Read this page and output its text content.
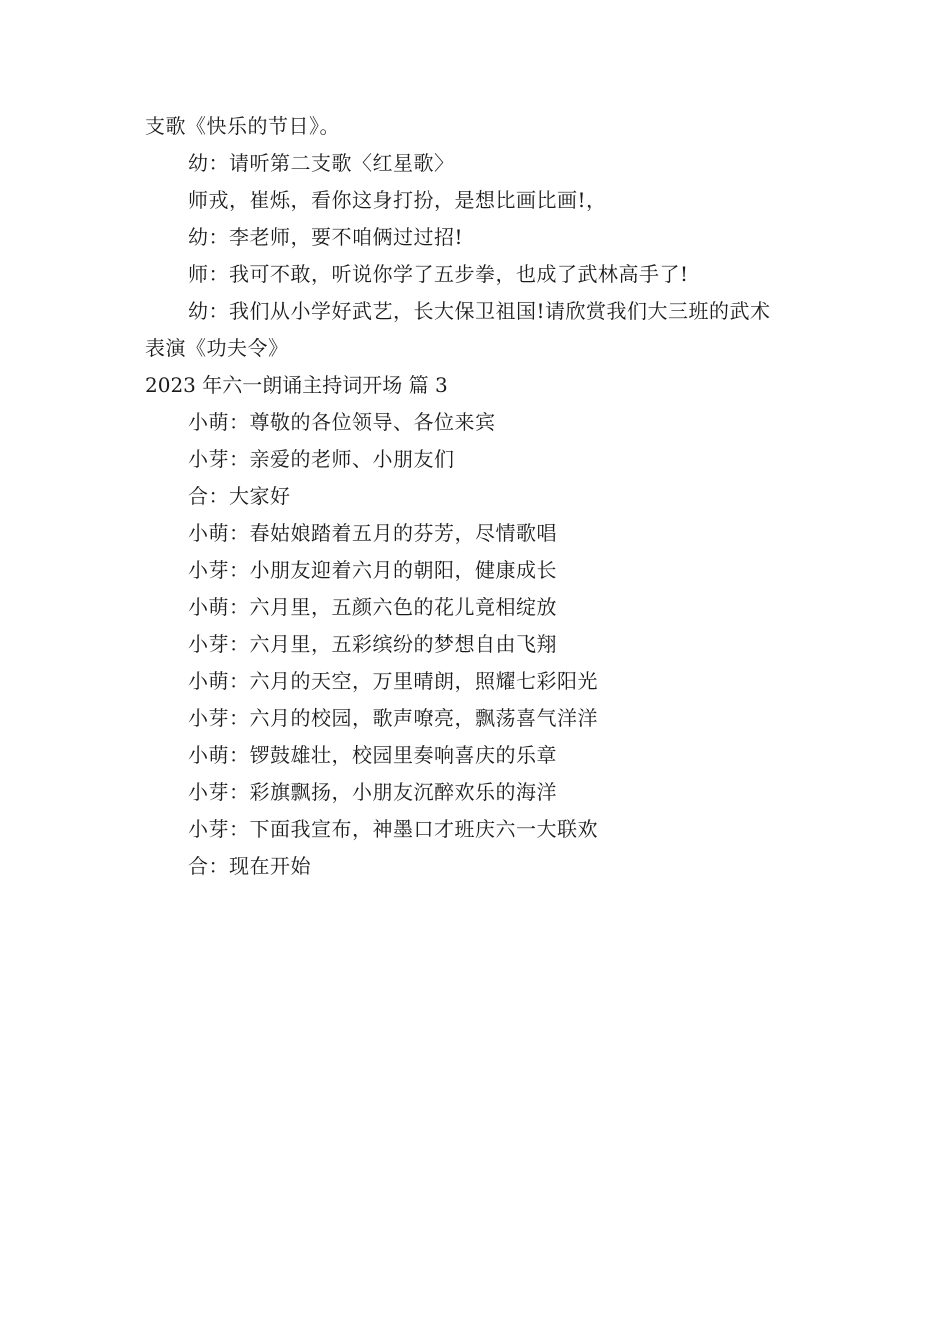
支歌《快乐的节日》。
幼：请听第二支歌〈红星歌〉
师戎，崔烁，看你这身打扮，是想比画比画!，
幼：李老师，要不咱俩过过招!
师：我可不敢，听说你学了五步拳，也成了武林高手了!
幼：我们从小学好武艺，长大保卫祖国!请欣赏我们大三班的武术
表演《功夫令》
2023 年六一朗诵主持词开场 篇 3
小萌：尊敬的各位领导、各位来宾
小芽：亲爱的老师、小朋友们
合：大家好
小萌：春姑娘踏着五月的芬芳，尽情歌唱
小芽：小朋友迎着六月的朝阳，健康成长
小萌：六月里，五颜六色的花儿竟相绽放
小芽：六月里，五彩缤纷的梦想自由飞翔
小萌：六月的天空，万里晴朗，照耀七彩阳光
小芽：六月的校园，歌声嘹亮，飘荡喜气洋洋
小萌：锣鼓雄壮，校园里奏响喜庆的乐章
小芽：彩旗飘扬，小朋友沉醉欢乐的海洋
小芽：下面我宣布，神墨口才班庆六一大联欢
合：现在开始
